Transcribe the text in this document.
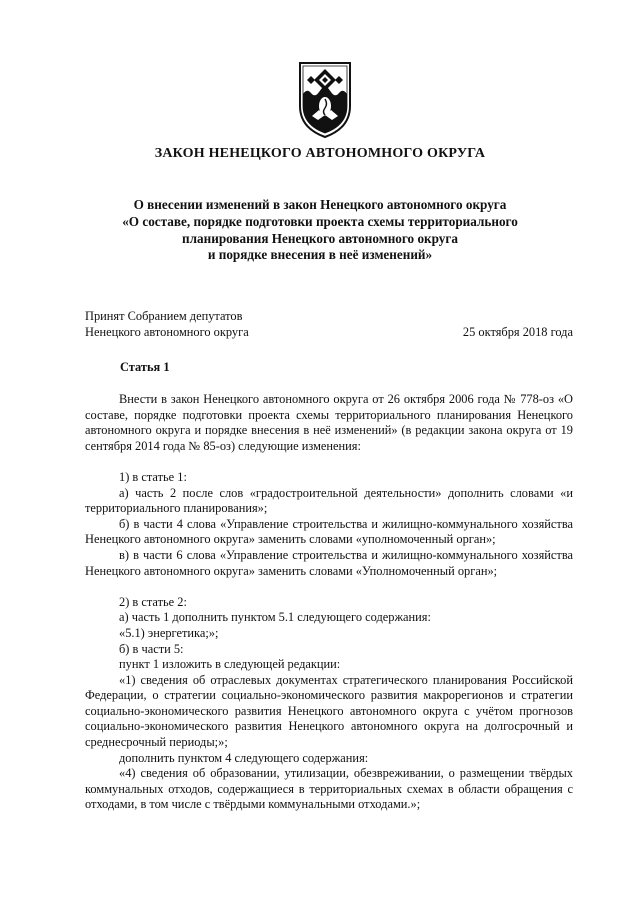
ЗАКОН НЕНЕЦКОГО АВТОНОМНОГО ОКРУГА
О внесении изменений в закон Ненецкого автономного округа
«О составе, порядке подготовки проекта схемы территориального
планирования Ненецкого автономного округа
и порядке внесения в неё изменений»
Принят Собранием депутатов
Ненецкого автономного округа	25 октября 2018 года
Статья 1

Внести в закон Ненецкого автономного округа от 26 октября 2006 года № 778-оз «О составе, порядке подготовки проекта схемы территориального планирования Ненецкого автономного округа и порядке внесения в неё изменений» (в редакции закона округа от 19 сентября 2014 года № 85-оз) следующие изменения:

1) в статье 1:

а) часть 2 после слов «градостроительной деятельности» дополнить словами «и территориального планирования»;

б) в части 4 слова «Управление строительства и жилищно-коммунального хозяйства Ненецкого автономного округа» заменить словами «уполномоченный орган»;

в) в части 6 слова «Управление строительства и жилищно-коммунального хозяйства Ненецкого автономного округа» заменить словами «Уполномоченный орган»;

2) в статье 2:

а) часть 1 дополнить пунктом 5.1 следующего содержания:

«5.1) энергетика;»;

б) в части 5:

пункт 1 изложить в следующей редакции:

«1) сведения об отраслевых документах стратегического планирования Российской Федерации, о стратегии социально-экономического развития макрорегионов и стратегии социально-экономического развития Ненецкого автономного округа с учётом прогнозов социально-экономического развития Ненецкого автономного округа на долгосрочный и среднесрочный периоды;»;

дополнить пунктом 4 следующего содержания:

«4) сведения об образовании, утилизации, обезвреживании, о размещении твёрдых коммунальных отходов, содержащиеся в территориальных схемах в области обращения с отходами, в том числе с твёрдыми коммунальными отходами.»;
